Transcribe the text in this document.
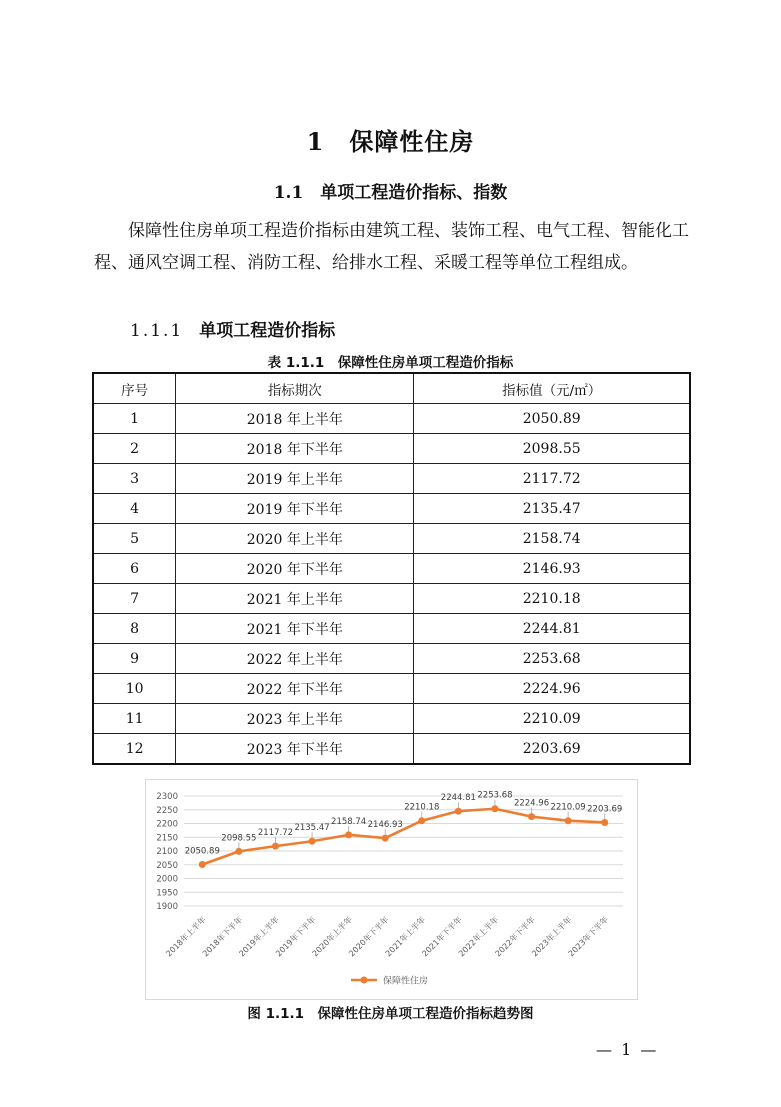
1　保障性住房
1.1　单项工程造价指标、指数
保障性住房单项工程造价指标由建筑工程、装饰工程、电气工程、智能化工程、通风空调工程、消防工程、给排水工程、采暖工程等单位工程组成。
1.1.1 单项工程造价指标
表 1.1.1　保障性住房单项工程造价指标
序号	指标期次	指标值（元/㎡）
1	2018 年上半年	2050.89
2	2018 年下半年	2098.55
3	2019 年上半年	2117.72
4	2019 年下半年	2135.47
5	2020 年上半年	2158.74
6	2020 年下半年	2146.93
7	2021 年上半年	2210.18
8	2021 年下半年	2244.81
9	2022 年上半年	2253.68
10	2022 年下半年	2224.96
11	2023 年上半年	2210.09
12	2023 年下半年	2203.69
1900
1950
2000
2050
2100
2150
2200
2250
2300
2018年上半年
2018年下半年
2019年上半年
2019年下半年
2020年上半年
2020年下半年
2021年上半年
2021年下半年
2022年上半年
2022年下半年
2023年上半年
2023年下半年
2050.89
2098.55
2117.72 2135.47
2158.74 2146.93
2210.18
2244.81 2253.68
2224.96 2210.09 2203.69
保障性住房
图 1.1.1　保障性住房单项工程造价指标趋势图
— 1 —
